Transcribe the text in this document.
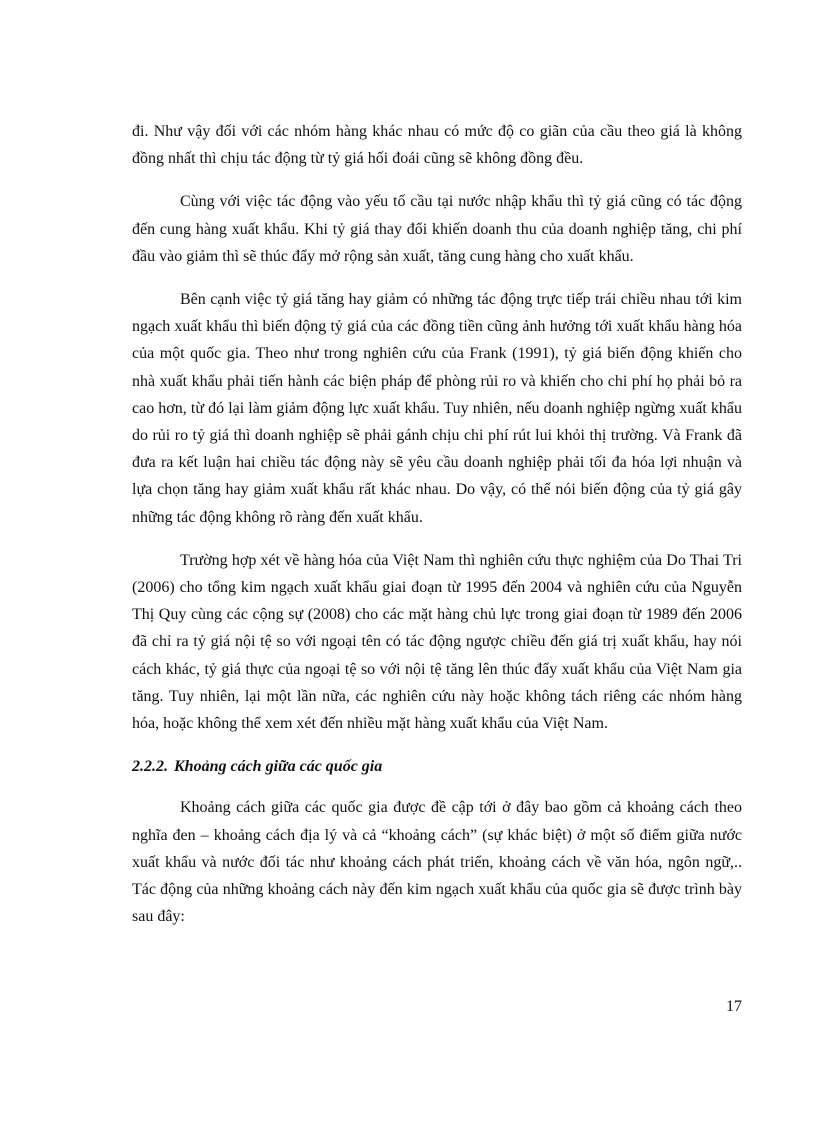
đi. Như vậy đối với các nhóm hàng khác nhau có mức độ co giãn của cầu theo giá là không đồng nhất thì chịu tác động từ tỷ giá hối đoái cũng sẽ không đồng đều.

Cùng với việc tác động vào yếu tố cầu tại nước nhập khẩu thì tỷ giá cũng có tác động đến cung hàng xuất khẩu. Khi tỷ giá thay đổi khiến doanh thu của doanh nghiệp tăng, chi phí đầu vào giảm thì sẽ thúc đẩy mở rộng sản xuất, tăng cung hàng cho xuất khẩu.

Bên cạnh việc tỷ giá tăng hay giảm có những tác động trực tiếp trái chiều nhau tới kim ngạch xuất khẩu thì biến động tỷ giá của các đồng tiền cũng ảnh hưởng tới xuất khẩu hàng hóa của một quốc gia. Theo như trong nghiên cứu của Frank (1991), tỷ giá biến động khiến cho nhà xuất khẩu phải tiến hành các biện pháp để phòng rủi ro và khiến cho chi phí họ phải bỏ ra cao hơn, từ đó lại làm giảm động lực xuất khẩu. Tuy nhiên, nếu doanh nghiệp ngừng xuất khẩu do rủi ro tỷ giá thì doanh nghiệp sẽ phải gánh chịu chi phí rút lui khỏi thị trường. Và Frank đã đưa ra kết luận hai chiều tác động này sẽ yêu cầu doanh nghiệp phải tối đa hóa lợi nhuận và lựa chọn tăng hay giảm xuất khẩu rất khác nhau. Do vậy, có thể nói biến động của tỷ giá gây những tác động không rõ ràng đến xuất khẩu.

Trường hợp xét về hàng hóa của Việt Nam thì nghiên cứu thực nghiệm của Do Thai Tri (2006) cho tổng kim ngạch xuất khẩu giai đoạn từ 1995 đến 2004 và nghiên cứu của Nguyễn Thị Quy cùng các cộng sự (2008) cho các mặt hàng chủ lực trong giai đoạn từ 1989 đến 2006 đã chỉ ra tỷ giá nội tệ so với ngoại tên có tác động ngược chiều đến giá trị xuất khẩu, hay nói cách khác, tỷ giá thực của ngoại tệ so với nội tệ tăng lên thúc đẩy xuất khẩu của Việt Nam gia tăng. Tuy nhiên, lại một lần nữa, các nghiên cứu này hoặc không tách riêng các nhóm hàng hóa, hoặc không thể xem xét đến nhiều mặt hàng xuất khẩu của Việt Nam.

2.2.2. Khoảng cách giữa các quốc gia

Khoảng cách giữa các quốc gia được đề cập tới ở đây bao gồm cả khoảng cách theo nghĩa đen – khoảng cách địa lý và cả “khoảng cách” (sự khác biệt) ở một số điểm giữa nước xuất khẩu và nước đối tác như khoảng cách phát triển, khoảng cách về văn hóa, ngôn ngữ,.. Tác động của những khoảng cách này đến kim ngạch xuất khẩu của quốc gia sẽ được trình bày sau đây:

17
